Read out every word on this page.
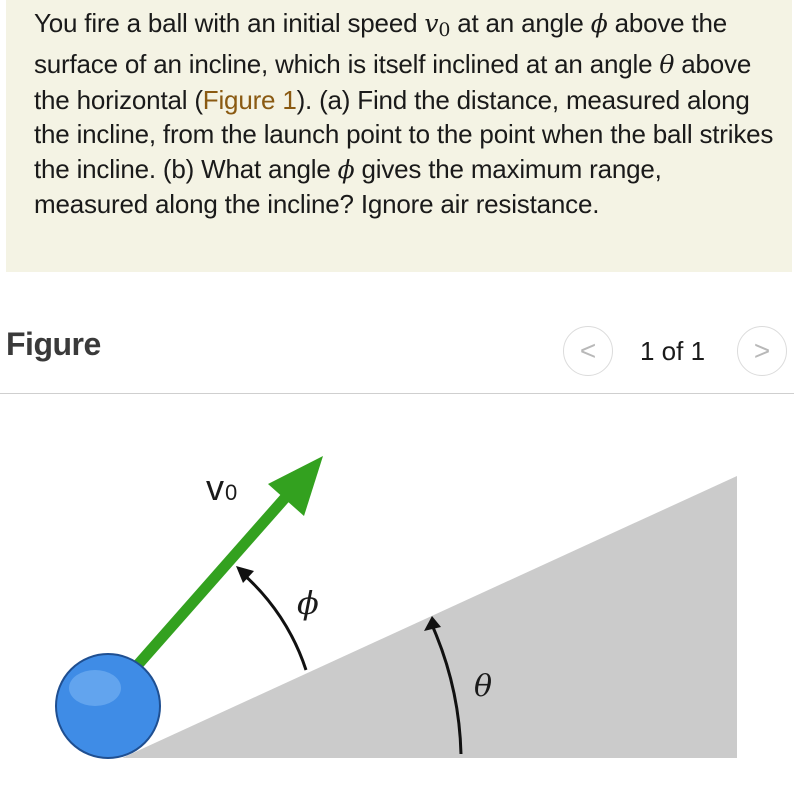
You fire a ball with an initial speed $v_0$ at an angle ϕ above the surface of an incline, which is itself inclined at an angle θ above the horizontal (Figure 1). (a) Find the distance, measured along the incline, from the launch point to the point when the ball strikes the incline. (b) What angle ϕ gives the maximum range, measured along the incline? Ignore air resistance.

Figure	< 1 of 1 >
v0
ϕ
θ
